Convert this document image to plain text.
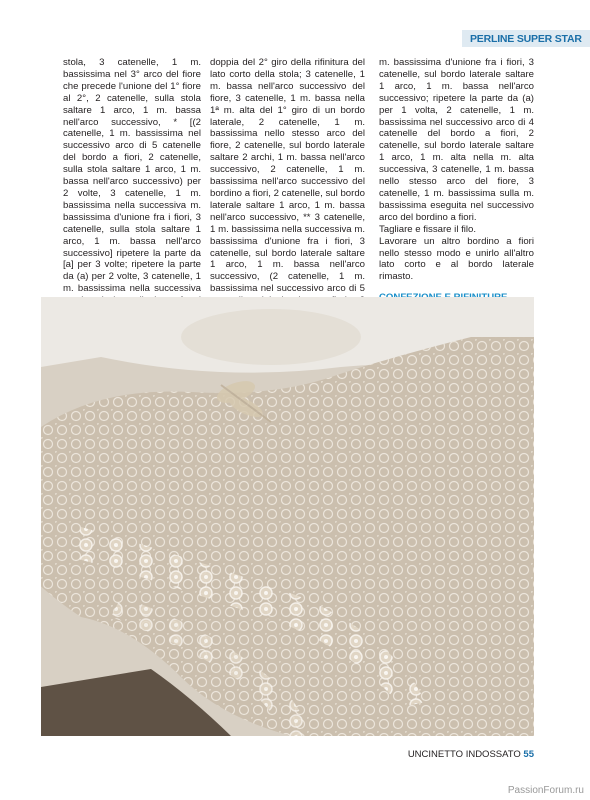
PERLINE SUPER STAR

stola, 3 catenelle, 1 m. bassissima nel 3° arco del fiore che precede l'unione del 1° fiore al 2°, 2 catenelle, sulla stola saltare 1 arco, 1 m. bassa nell'arco successivo, * [(2 catenelle, 1 m. bassissima nel successivo arco di 5 catenelle del bordo a fiori, 2 catenelle, sulla stola saltare 1 arco, 1 m. bassa nell'arco successivo) per 2 volte, 3 catenelle, 1 m. bassissima nella successiva m. bassissima d'unione fra i fiori, 3 catenelle, sulla stola saltare 1 arco, 1 m. bassa nell'arco successivo] ripetere la parte da [a] per 3 volte; ripetere la parte da (a) per 2 volte, 3 catenelle, 1 m. bassissima nella successiva

doppia del 2° giro della rifinitura del lato corto della stola; 3 catenelle, 1 m. bassa nell'arco successivo del fiore, 3 catenelle, 1 m. bassa nella 1ª m. alta del 1° giro di un bordo laterale, 2 catenelle, 1 m. bassissima nello stesso arco del fiore, 2 catenelle, sul bordo laterale saltare 2 archi, 1 m. bassa nell'arco successivo, 2 catenelle, 1 m. bassissima nell'arco successivo del bordino a fiori, 2 catenelle, sul bordo laterale saltare 1 arco, 1 m. bassa nell'arco successivo, ** 3 catenelle, 1 m. bassissima nella successiva m. bassissima d'unione fra i fiori, 3 catenelle, sul bordo laterale saltare 1 arco, 1 m. bassa nell'arco successivo, (2 catenelle, 1 m. bassissima nel successivo arco di 5

m. bassissima d'unione fra i fiori, 3 catenelle, sul bordo laterale saltare 1 arco, 1 m. bassa nell'arco successivo; ripetere la parte da (a) per 1 volta, 2 catenelle, 1 m. bassissima nel successivo arco di 4 catenelle del bordo a fiori, 2 catenelle, sul bordo laterale saltare 1 arco, 1 m. alta nella m. alta successiva, 3 catenelle, 1 m. bassa nello stesso arco del fiore, 3 catenelle, 1 m. bassissima sulla m. bassissima eseguita nel successivo arco del bordino a fiori.

Tagliare e fissare il filo.

Lavorare un altro bordino a fiori nello stesso modo e unirlo all'altro lato corto e al bordo laterale rimasto.

UNCINETTO INDOSSATO 55
PassionForum.ru
